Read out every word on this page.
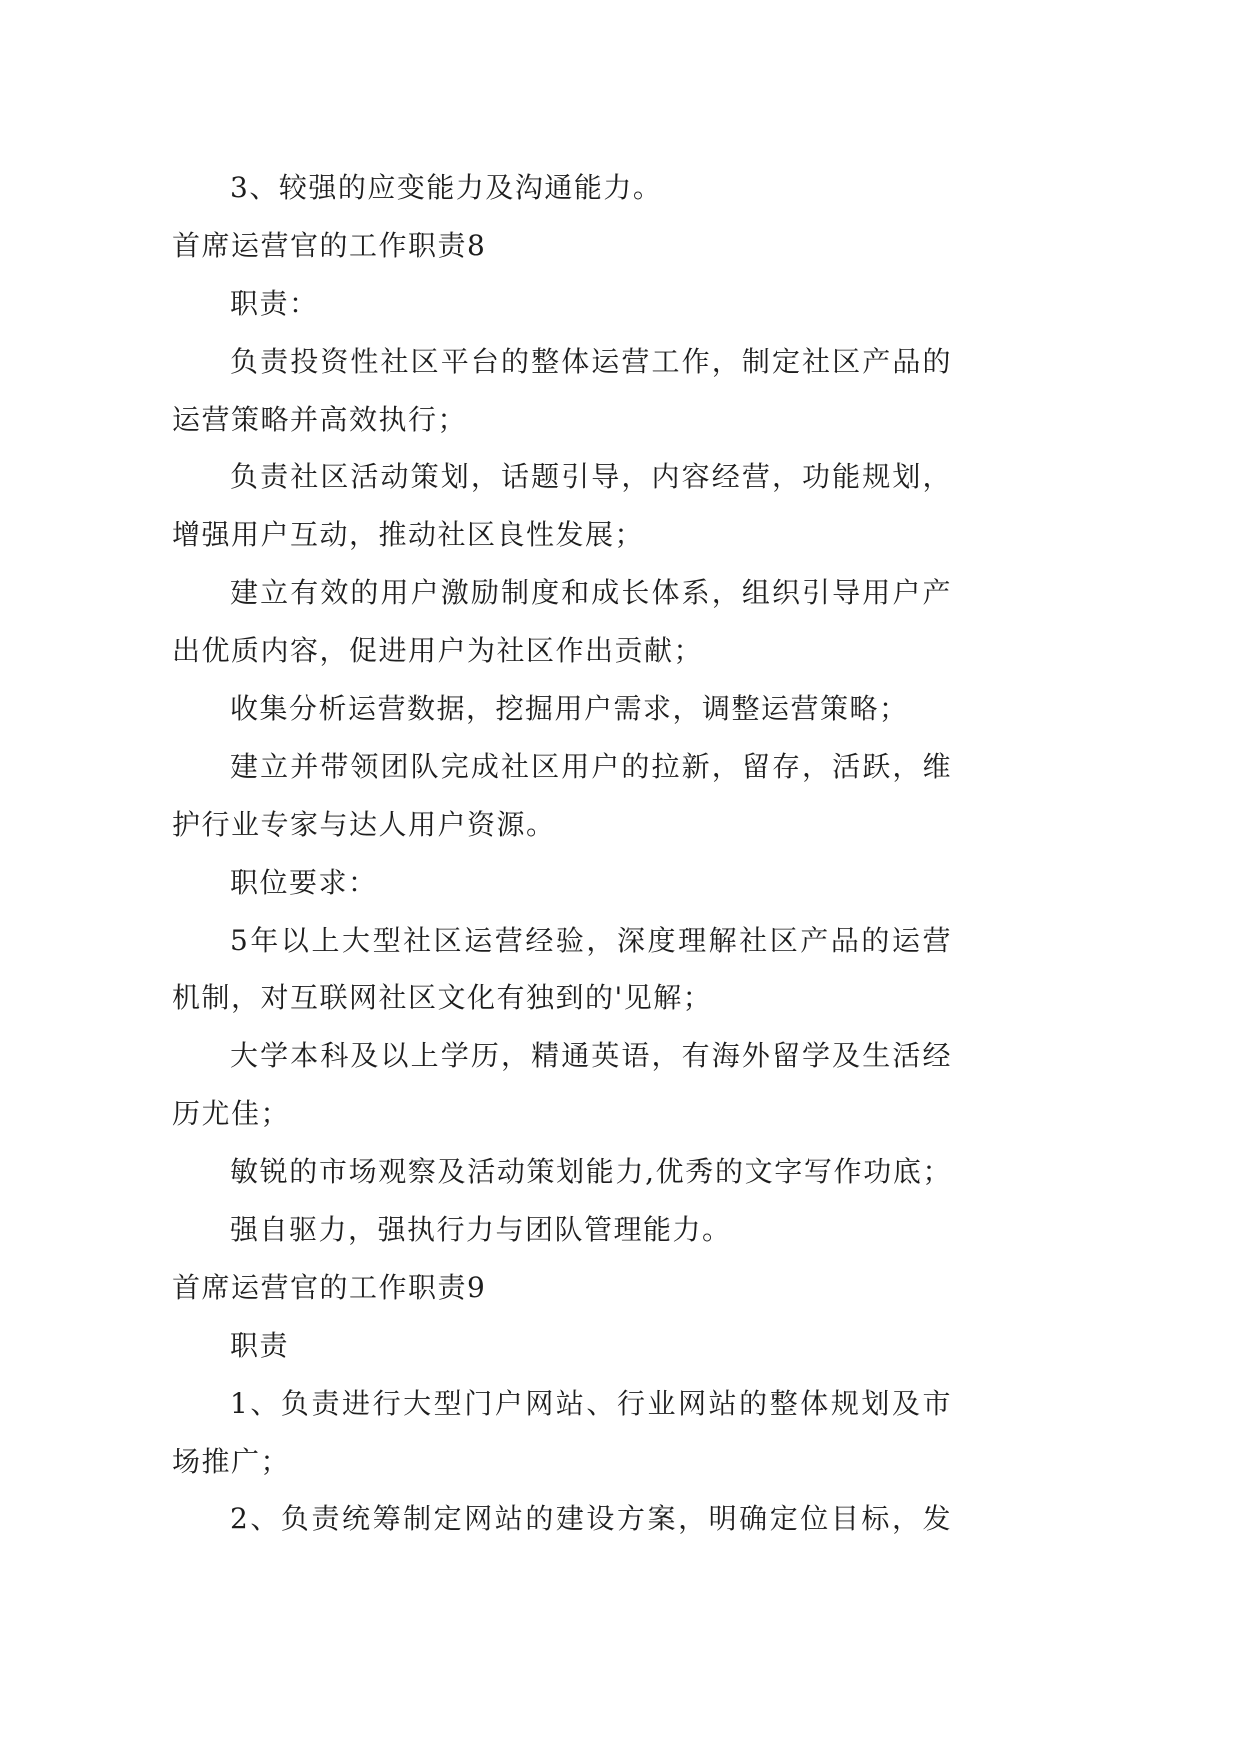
3、较强的应变能力及沟通能力。
首席运营官的工作职责8
职责：
负责投资性社区平台的整体运营工作，制定社区产品的
运营策略并高效执行；
负责社区活动策划，话题引导，内容经营，功能规划，
增强用户互动，推动社区良性发展；
建立有效的用户激励制度和成长体系，组织引导用户产
出优质内容，促进用户为社区作出贡献；
收集分析运营数据，挖掘用户需求，调整运营策略；
建立并带领团队完成社区用户的拉新，留存，活跃，维
护行业专家与达人用户资源。
职位要求：
5年以上大型社区运营经验，深度理解社区产品的运营
机制，对互联网社区文化有独到的'见解；
大学本科及以上学历，精通英语，有海外留学及生活经
历尤佳；
敏锐的市场观察及活动策划能力,优秀的文字写作功底；
强自驱力，强执行力与团队管理能力。
首席运营官的工作职责9
职责
1、负责进行大型门户网站、行业网站的整体规划及市
场推广；
2、负责统筹制定网站的建设方案，明确定位目标，发
